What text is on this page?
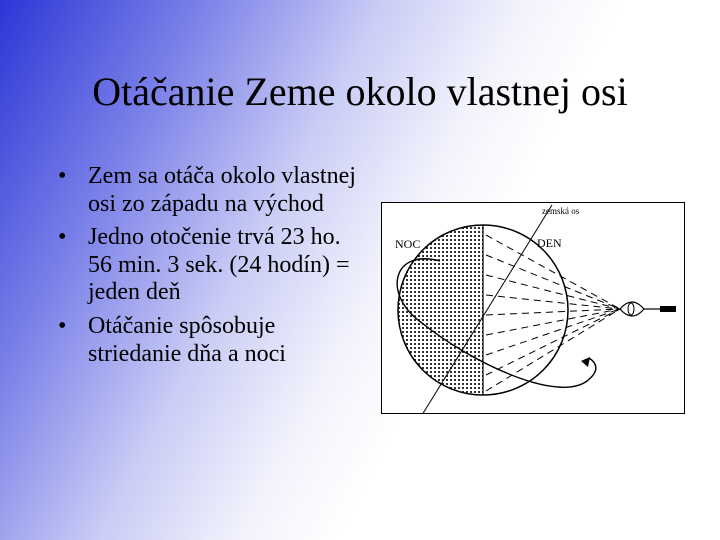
Otáčanie Zeme okolo vlastnej osi
• Zem sa otáča okolo vlastnej osi zo západu na východ
• Jedno otočenie trvá 23 ho. 56 min. 3 sek. (24 hodín) = jeden deň
• Otáčanie spôsobuje striedanie dňa a noci
zemská os
NOC	DEN
